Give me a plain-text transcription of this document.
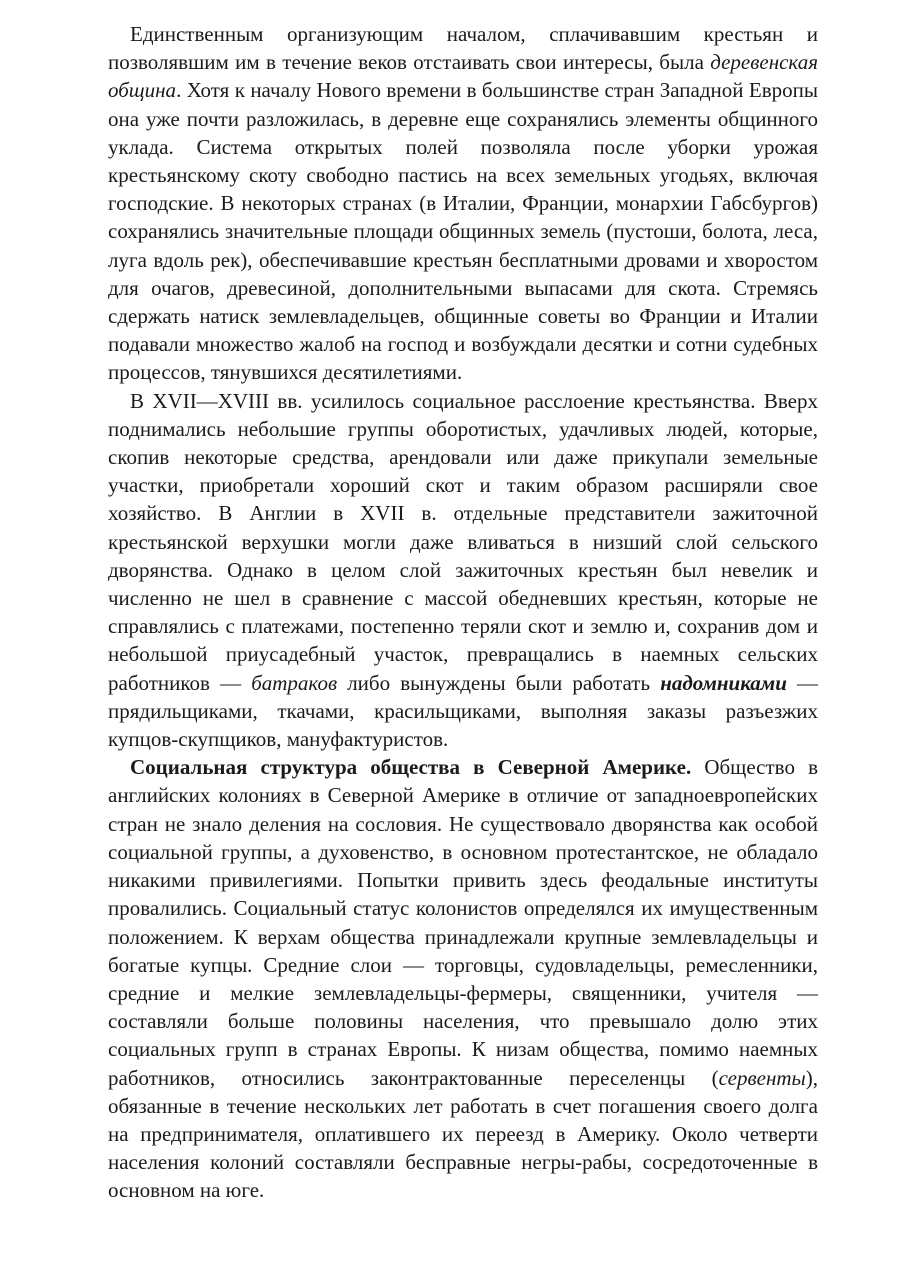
Единственным организующим началом, сплачивавшим крестьян и позволявшим им в течение веков отстаивать свои интересы, была деревенская община. Хотя к началу Нового времени в большинстве стран Западной Европы она уже почти разложилась, в деревне еще сохранялись элементы общинного уклада. Система открытых полей позволяла после уборки урожая крестьянскому скоту свободно пастись на всех земельных угодьях, включая господские. В некоторых странах (в Италии, Франции, монархии Габсбургов) сохранялись значительные площади общинных земель (пустоши, болота, леса, луга вдоль рек), обеспечивавшие крестьян бесплатными дровами и хворостом для очагов, древесиной, дополнительными выпасами для скота. Стремясь сдержать натиск землевладельцев, общинные советы во Франции и Италии подавали множество жалоб на господ и возбуждали десятки и сотни судебных процессов, тянувшихся десятилетиями.

В XVII—XVIII вв. усилилось социальное расслоение крестьянства. Вверх поднимались небольшие группы оборотистых, удачливых людей, которые, скопив некоторые средства, арендовали или даже прикупали земельные участки, приобретали хороший скот и таким образом расширяли свое хозяйство. В Англии в XVII в. отдельные представители зажиточной крестьянской верхушки могли даже вливаться в низший слой сельского дворянства. Однако в целом слой зажиточных крестьян был невелик и численно не шел в сравнение с массой обедневших крестьян, которые не справлялись с платежами, постепенно теряли скот и землю и, сохранив дом и небольшой приусадебный участок, превращались в наемных сельских работников — батраков либо вынуждены были работать надомниками — прядильщиками, ткачами, красильщиками, выполняя заказы разъезжих купцов-скупщиков, мануфактуристов.

Социальная структура общества в Северной Америке. Общество в английских колониях в Северной Америке в отличие от западноевропейских стран не знало деления на сословия. Не существовало дворянства как особой социальной группы, а духовенство, в основном протестантское, не обладало никакими привилегиями. Попытки привить здесь феодальные институты провалились. Социальный статус колонистов определялся их имущественным положением. К верхам общества принадлежали крупные землевладельцы и богатые купцы. Средние слои — торговцы, судовладельцы, ремесленники, средние и мелкие землевладельцы-фермеры, священники, учителя — составляли больше половины населения, что превышало долю этих социальных групп в странах Европы. К низам общества, помимо наемных работников, относились законтрактованные переселенцы (сервенты), обязанные в течение нескольких лет работать в счет погашения своего долга на предпринимателя, оплатившего их переезд в Америку. Около четверти населения колоний составляли бесправные негры-рабы, сосредоточенные в основном на юге.
